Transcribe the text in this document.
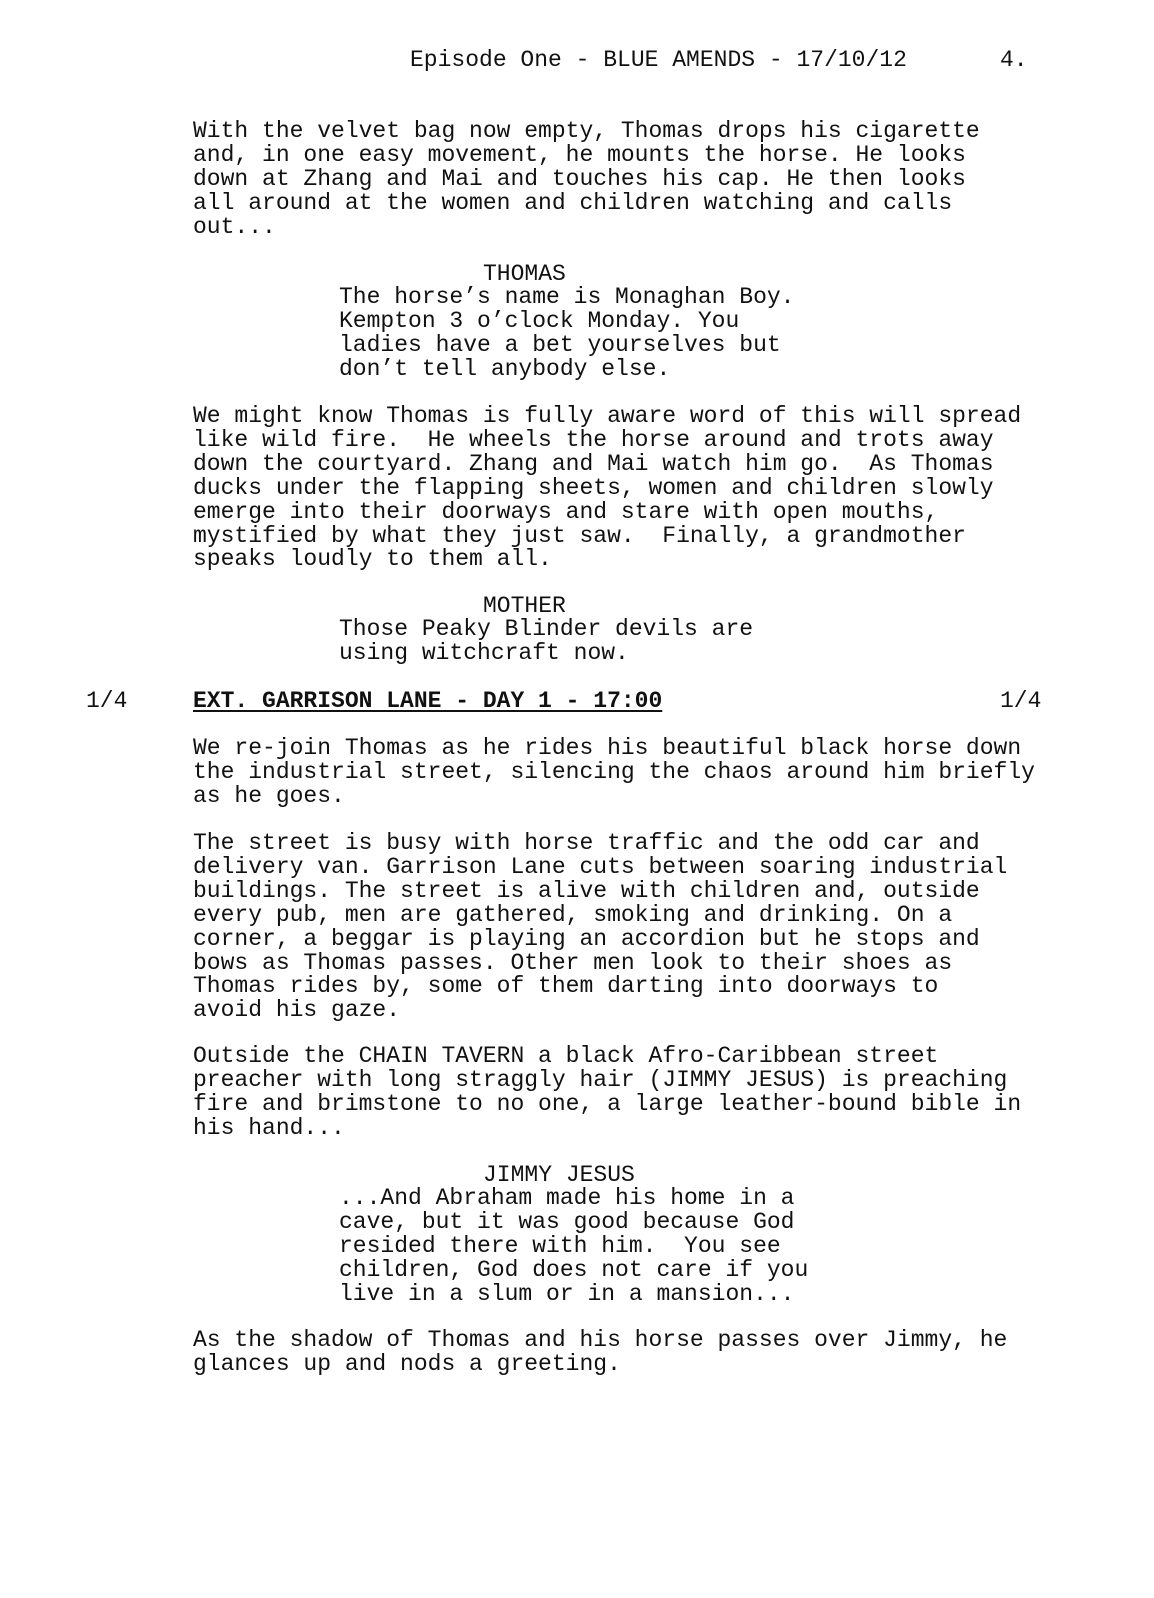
Episode One - BLUE AMENDS - 17/10/12	4.
With the velvet bag now empty, Thomas drops his cigarette
and, in one easy movement, he mounts the horse. He looks
down at Zhang and Mai and touches his cap. He then looks
all around at the women and children watching and calls
out...
THOMAS
The horse’s name is Monaghan Boy.
Kempton 3 o’clock Monday. You
ladies have a bet yourselves but
don’t tell anybody else.
We might know Thomas is fully aware word of this will spread
like wild fire.  He wheels the horse around and trots away
down the courtyard. Zhang and Mai watch him go.  As Thomas
ducks under the flapping sheets, women and children slowly
emerge into their doorways and stare with open mouths,
mystified by what they just saw.  Finally, a grandmother
speaks loudly to them all.
MOTHER
Those Peaky Blinder devils are
using witchcraft now.
1/4	EXT. GARRISON LANE - DAY 1 - 17:00	1/4
We re-join Thomas as he rides his beautiful black horse down
the industrial street, silencing the chaos around him briefly
as he goes.
The street is busy with horse traffic and the odd car and
delivery van. Garrison Lane cuts between soaring industrial
buildings. The street is alive with children and, outside
every pub, men are gathered, smoking and drinking. On a
corner, a beggar is playing an accordion but he stops and
bows as Thomas passes. Other men look to their shoes as
Thomas rides by, some of them darting into doorways to
avoid his gaze.
Outside the CHAIN TAVERN a black Afro-Caribbean street
preacher with long straggly hair (JIMMY JESUS) is preaching
fire and brimstone to no one, a large leather-bound bible in
his hand...
JIMMY JESUS
...And Abraham made his home in a
cave, but it was good because God
resided there with him.  You see
children, God does not care if you
live in a slum or in a mansion...
As the shadow of Thomas and his horse passes over Jimmy, he
glances up and nods a greeting.
